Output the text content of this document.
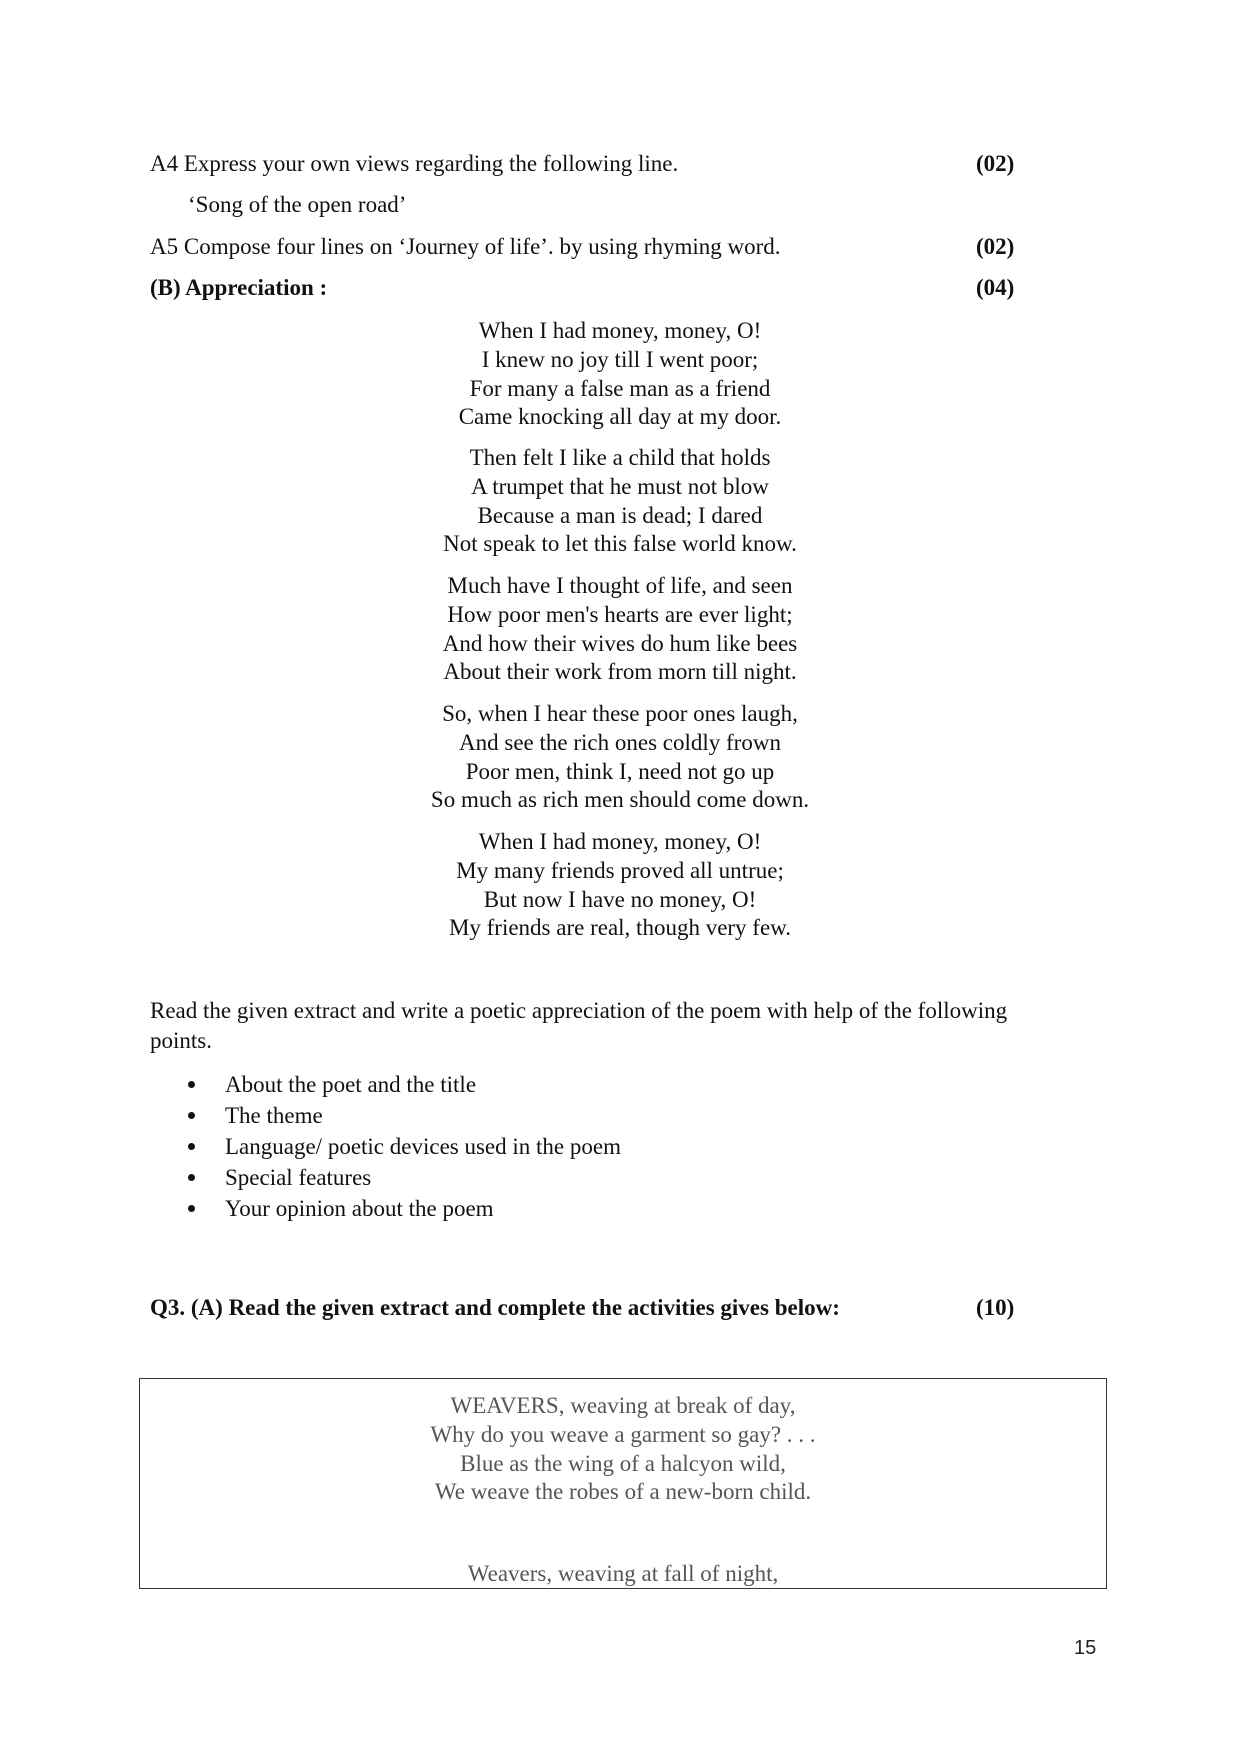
A4 Express your own views regarding the following line.	(02)
‘Song of the open road’
A5 Compose four lines on ‘Journey of life’. by using rhyming word.	(02)
(B) Appreciation :	(04)
When I had money, money, O!
I knew no joy till I went poor;
For many a false man as a friend
Came knocking all day at my door.
Then felt I like a child that holds
A trumpet that he must not blow
Because a man is dead; I dared
Not speak to let this false world know.
Much have I thought of life, and seen
How poor men's hearts are ever light;
And how their wives do hum like bees
About their work from morn till night.
So, when I hear these poor ones laugh,
And see the rich ones coldly frown
Poor men, think I, need not go up
So much as rich men should come down.
When I had money, money, O!
My many friends proved all untrue;
But now I have no money, O!
My friends are real, though very few.
Read the given extract and write a poetic appreciation of the poem with help of the following
points.
About the poet and the title
The theme
Language/ poetic devices used in the poem
Special features
Your opinion about the poem
Q3. (A) Read the given extract and complete the activities gives below:	(10)
WEAVERS, weaving at break of day,
Why do you weave a garment so gay? . . .
Blue as the wing of a halcyon wild,
We weave the robes of a new-born child.
Weavers, weaving at fall of night,
15
